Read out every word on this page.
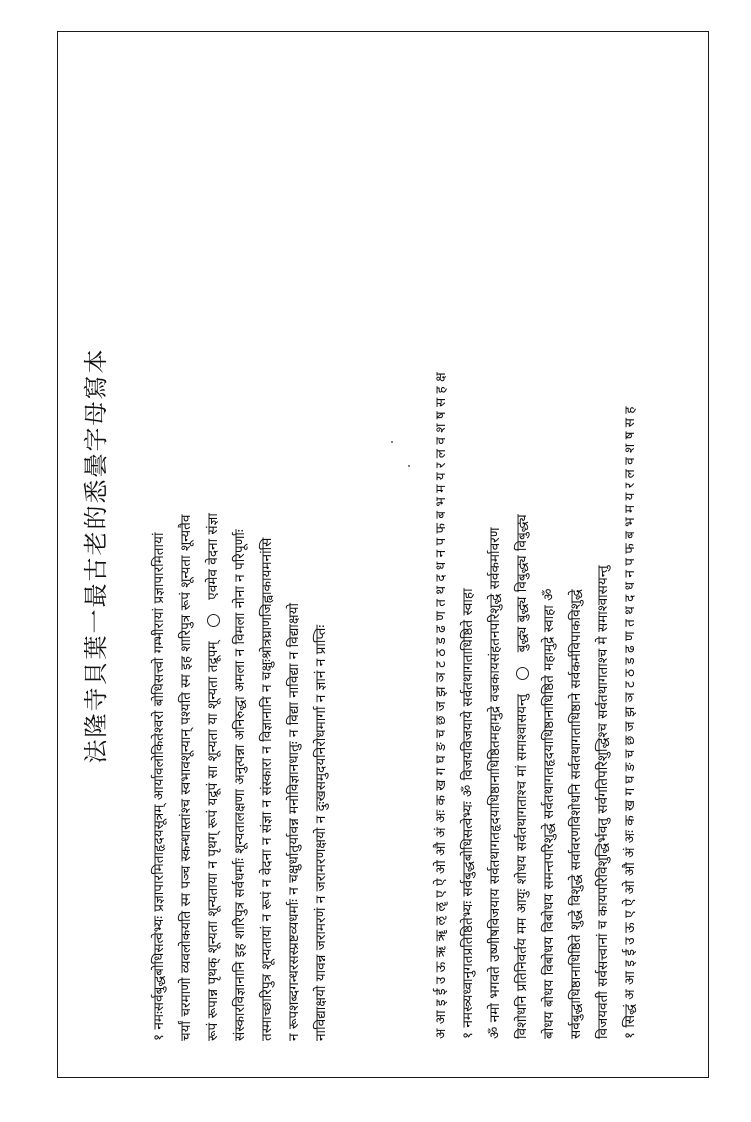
法隆寺貝葉一最古老的悉曇字母寫本	१ नमःसर्वबुद्धबोधिसत्वेभ्यः प्रज्ञापारमिताहृदयसूत्रम् आर्यावलोकितेश्वरो बोधिसत्त्वो गम्भीरायां प्रज्ञापारमितायां चर्यां चरमाणो व्यवलोकयति स्म पञ्च स्कन्धास्तांश्च स्वभावशून्यान् पश्यति स्म इह शारिपुत्र रूपं शून्यता शून्यतैव रूपं रूपान्न पृथक् शून्यता शून्यताया न पृथग् रूपं यद्रूपं सा शून्यता या शून्यता तद्रूपम्  एवमेव वेदना संज्ञा संस्कारविज्ञानानि इह शारिपुत्र सर्वधर्माः शून्यतालक्षणा अनुत्पन्ना अनिरुद्धा अमला न विमला नोना न परिपूर्णाः तस्माच्छारिपुत्र शून्यतायां न रूपं न वेदना न संज्ञा न संस्कारा न विज्ञानानि न चक्षुःश्रोत्रघ्राणजिह्वाकायमनांसि न रूपशब्दगन्धरसस्प्रष्टव्यधर्माः न चक्षुर्धातुर्यावन्न मनोविज्ञानधातुः न विद्या नाविद्या न विद्याक्षयो नाविद्याक्षयो यावन्न जरामरणं न जरामरणक्षयो न दुःखसमुदयनिरोधमार्गा न ज्ञानं न प्राप्तिः	अ आ इ ई उ ऊ ऋ ॠ ऌ ॡ ए ऐ ओ औ अं अः क ख ग घ ङ च छ ज झ ञ ट ठ ड ढ ण त थ द ध न प फ ब भ म य र ल व श ष स ह क्ष १ नमस्त्र्यध्वानुगतप्रतिष्ठितेभ्यः सर्वबुद्धबोधिसत्वेभ्यः ॐ विजयविजयाये सर्वतथागताधिष्ठिते स्वाहा ॐ नमो भगवते उष्णीषविजयाय सर्वतथागतहृदयाधिष्ठानाधिष्ठितमहामुद्रे वज्रकायसंहतनपरिशुद्धे सर्वकर्मावरण विशोधनि प्रतिनिवर्तय मम आयुः शोधय सर्वतथागताश्च मां समाश्वासयन्तु  बुद्ध्य बुद्ध्य विबुद्ध्य विबुद्ध्य
बोधय बोधय विबोधय विबोधय समन्तपरिशुद्धे सर्वतथागतहृदयाधिष्ठानाधिष्ठिते महामुद्रे स्वाहा ॐ सर्वबुद्धाधिष्ठानाधिष्ठिते शुद्धे विशुद्धे सर्वावरणविशोधनि सर्वतथागताधिष्ठाने सर्वकर्मविपाकविशुद्धे विजयवती सर्वसत्त्वानां च कायपरिविशुद्धिर्भवतु सर्वगतिपरिशुद्धिश्च सर्वतथागताश्च मे समाश्वासयन्तु १ सिद्धं अ आ इ ई उ ऊ ए ऐ ओ औ अं अः क ख ग घ ङ च छ ज झ ञ ट ठ ड ढ ण त थ द ध न प फ ब भ म य र ल व श ष स ह
